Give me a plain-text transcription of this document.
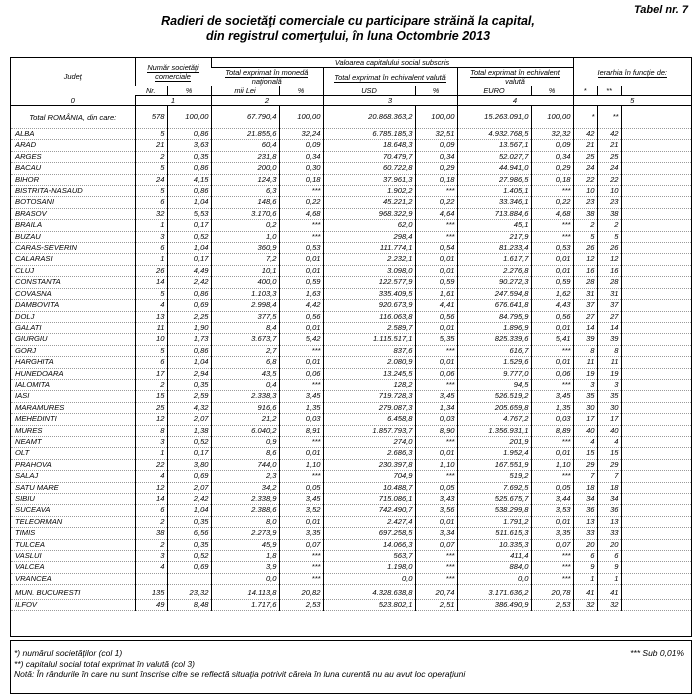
Tabel nr. 7
Radieri de societăţi comerciale cu participare străină la capital,
din registrul comerţului, în luna Octombrie 2013
Judeţ	Număr societăţi comerciale		Valoarea capitalului social subscris						Ierarhia în funcţie de:		
			Total exprimat în monedă naţională		Total exprimat în echivalent valută		Total exprimat în echivalent valută				
	Nr.	%	mii Lei	%	USD	%	EURO	%	*	**	
0	1		2		3		4		5		
Total ROMÂNIA, din care:	578	100,00	67.790,4	100,00	20.868.363,2	100,00	15.263.091,0	100,00	*	**	
ALBA	5	0,86	21.855,6	32,24	6.785.185,3	32,51	4.932.768,5	32,32	42	42	
ARAD	21	3,63	60,4	0,09	18.648,3	0,09	13.567,1	0,09	21	21	
ARGES	2	0,35	231,8	0,34	70.479,7	0,34	52.027,7	0,34	25	25	
BACAU	5	0,86	200,0	0,30	60.722,8	0,29	44.941,0	0,29	24	24	
BIHOR	24	4,15	124,3	0,18	37.961,3	0,18	27.986,5	0,18	22	22	
BISTRITA-NASAUD	5	0,86	6,3	***	1.902,2	***	1.405,1	***	10	10	
BOTOSANI	6	1,04	148,6	0,22	45.221,2	0,22	33.346,1	0,22	23	23	
BRASOV	32	5,53	3.170,6	4,68	968.322,9	4,64	713.884,6	4,68	38	38	
BRAILA	1	0,17	0,2	***	62,0	***	45,1	***	2	2	
BUZAU	3	0,52	1,0	***	298,4	***	217,9	***	5	5	
CARAS-SEVERIN	6	1,04	360,9	0,53	111.774,1	0,54	81.233,4	0,53	26	26	
CALARASI	1	0,17	7,2	0,01	2.232,1	0,01	1.617,7	0,01	12	12	
CLUJ	26	4,49	10,1	0,01	3.098,0	0,01	2.276,8	0,01	16	16	
CONSTANTA	14	2,42	400,0	0,59	122.577,9	0,59	90.272,3	0,59	28	28	
COVASNA	5	0,86	1.103,3	1,63	335.409,5	1,61	247.594,8	1,62	31	31	
DAMBOVITA	4	0,69	2.998,4	4,42	920.673,9	4,41	676.641,8	4,43	37	37	
DOLJ	13	2,25	377,5	0,56	116.063,8	0,56	84.795,9	0,56	27	27	
GALATI	11	1,90	8,4	0,01	2.589,7	0,01	1.896,9	0,01	14	14	
GIURGIU	10	1,73	3.673,7	5,42	1.115.517,1	5,35	825.339,6	5,41	39	39	
GORJ	5	0,86	2,7	***	837,6	***	616,7	***	8	8	
HARGHITA	6	1,04	6,8	0,01	2.080,9	0,01	1.529,6	0,01	11	11	
HUNEDOARA	17	2,94	43,5	0,06	13.245,5	0,06	9.777,0	0,06	19	19	
IALOMITA	2	0,35	0,4	***	128,2	***	94,5	***	3	3	
IASI	15	2,59	2.338,3	3,45	719.728,3	3,45	526.519,2	3,45	35	35	
MARAMURES	25	4,32	916,6	1,35	279.087,3	1,34	205.659,8	1,35	30	30	
MEHEDINTI	12	2,07	21,2	0,03	6.458,8	0,03	4.767,2	0,03	17	17	
MURES	8	1,38	6.040,2	8,91	1.857.793,7	8,90	1.356.931,1	8,89	40	40	
NEAMT	3	0,52	0,9	***	274,0	***	201,9	***	4	4	
OLT	1	0,17	8,6	0,01	2.686,3	0,01	1.952,4	0,01	15	15	
PRAHOVA	22	3,80	744,0	1,10	230.397,8	1,10	167.551,9	1,10	29	29	
SALAJ	4	0,69	2,3	***	704,9	***	519,2	***	7	7	
SATU MARE	12	2,07	34,2	0,05	10.488,7	0,05	7.692,5	0,05	18	18	
SIBIU	14	2,42	2.338,9	3,45	715.086,1	3,43	525.675,7	3,44	34	34	
SUCEAVA	6	1,04	2.388,6	3,52	742.490,7	3,56	538.299,8	3,53	36	36	
TELEORMAN	2	0,35	8,0	0,01	2.427,4	0,01	1.791,2	0,01	13	13	
TIMIS	38	6,56	2.273,9	3,35	697.258,5	3,34	511.615,3	3,35	33	33	
TULCEA	2	0,35	45,9	0,07	14.066,3	0,07	10.335,3	0,07	20	20	
VASLUI	3	0,52	1,8	***	563,7	***	411,4	***	6	6	
VALCEA	4	0,69	3,9	***	1.198,0	***	884,0	***	9	9	
VRANCEA			0,0	***	0,0	***	0,0	***	1	1	

MUN. BUCURESTI	135	23,32	14.113,8	20,82	4.328.638,8	20,74	3.171.636,2	20,78	41	41	
ILFOV	49	8,48	1.717,6	2,53	523.802,1	2,51	386.490,9	2,53	32	32	
*) numărul societăţilor (col 1)
**) capitalul social total exprimat în valută (col 3)
Notă: În rândurile în care nu sunt înscrise cifre se reflectă situaţia potrivit căreia în luna curentă nu au avut loc operaţiuni
*** Sub 0,01%
